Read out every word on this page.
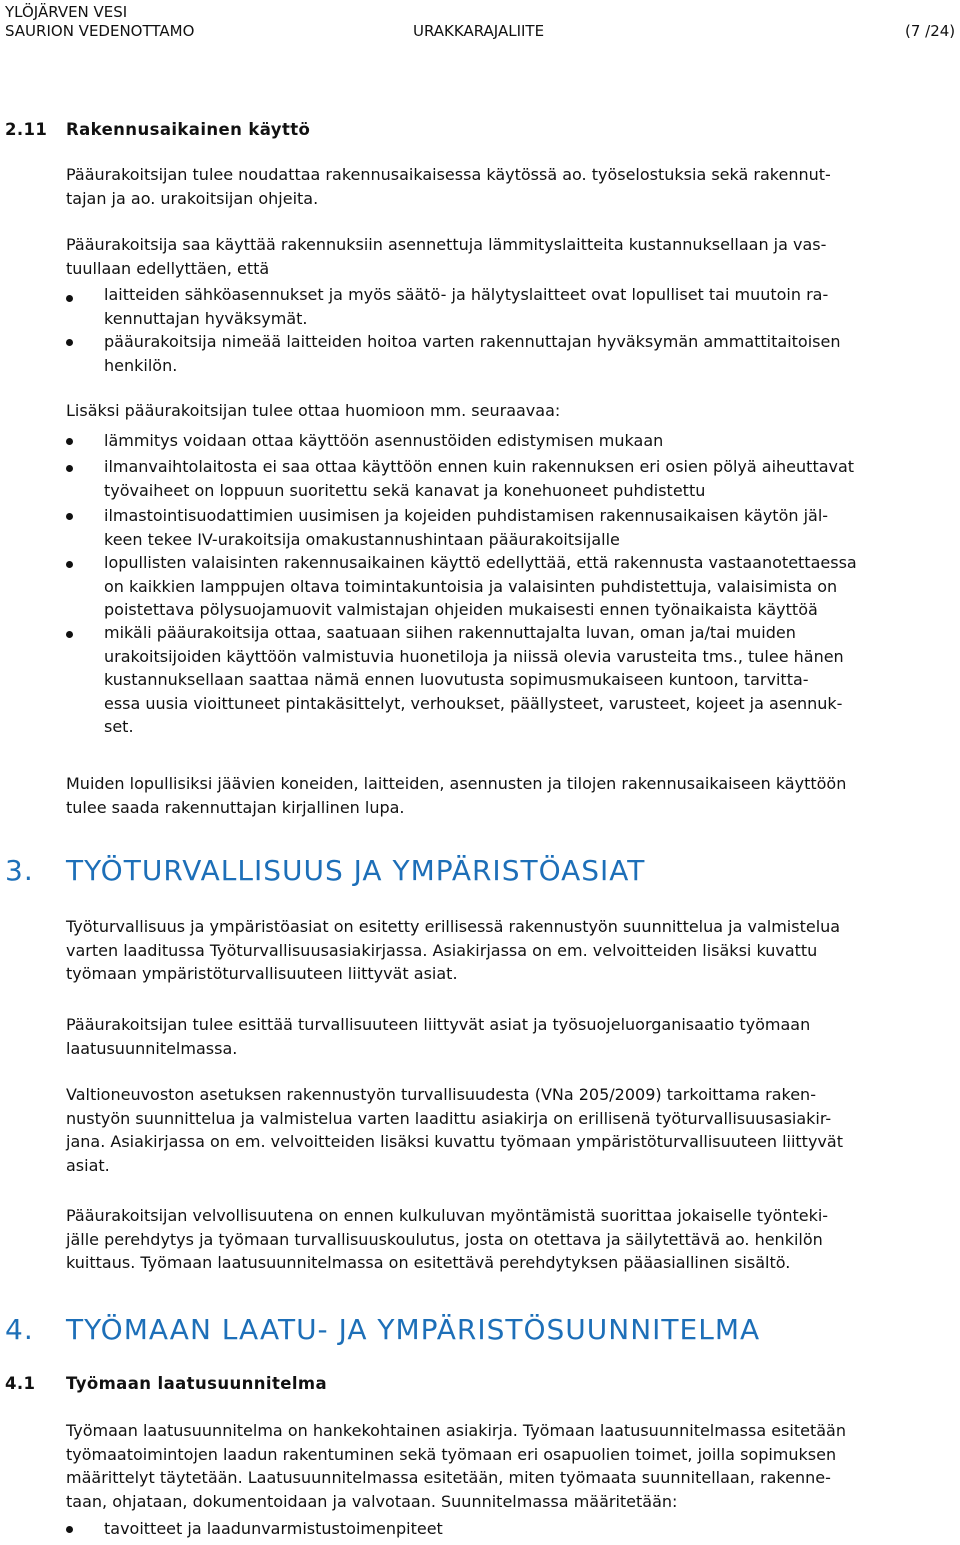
YLÖJÄRVEN VESI
SAURION VEDENOTTAMO	URAKKARAJALIITE	(7 /24)
2.11 Rakennusaikainen käyttö
Pääurakoitsijan tulee noudattaa rakennusaikaisessa käytössä ao. työselostuksia sekä rakennut-
tajan ja ao. urakoitsijan ohjeita.
Pääurakoitsija saa käyttää rakennuksiin asennettuja lämmityslaitteita kustannuksellaan ja vas-
tuullaan edellyttäen, että
laitteiden sähköasennukset ja myös säätö- ja hälytyslaitteet ovat lopulliset tai muutoin ra-
kennuttajan hyväksymät.
pääurakoitsija nimeää laitteiden hoitoa varten rakennuttajan hyväksymän ammattitaitoisen
henkilön.
Lisäksi pääurakoitsijan tulee ottaa huomioon mm. seuraavaa:
lämmitys voidaan ottaa käyttöön asennustöiden edistymisen mukaan
ilmanvaihtolaitosta ei saa ottaa käyttöön ennen kuin rakennuksen eri osien pölyä aiheuttavat
työvaiheet on loppuun suoritettu sekä kanavat ja konehuoneet puhdistettu
ilmastointisuodattimien uusimisen ja kojeiden puhdistamisen rakennusaikaisen käytön jäl-
keen tekee IV-urakoitsija omakustannushintaan pääurakoitsijalle
lopullisten valaisinten rakennusaikainen käyttö edellyttää, että rakennusta vastaanotettaessa
on kaikkien lamppujen oltava toimintakuntoisia ja valaisinten puhdistettuja, valaisimista on
poistettava pölysuojamuovit valmistajan ohjeiden mukaisesti ennen työnaikaista käyttöä
mikäli pääurakoitsija ottaa, saatuaan siihen rakennuttajalta luvan, oman ja/tai muiden
urakoitsijoiden käyttöön valmistuvia huonetiloja ja niissä olevia varusteita tms., tulee hänen
kustannuksellaan saattaa nämä ennen luovutusta sopimusmukaiseen kuntoon, tarvitta-
essa uusia vioittuneet pintakäsittelyt, verhoukset, päällysteet, varusteet, kojeet ja asennuk-
set.
Muiden lopullisiksi jäävien koneiden, laitteiden, asennusten ja tilojen rakennusaikaiseen käyttöön
tulee saada rakennuttajan kirjallinen lupa.
3. TYÖTURVALLISUUS JA YMPÄRISTÖASIAT
Työturvallisuus ja ympäristöasiat on esitetty erillisessä rakennustyön suunnittelua ja valmistelua
varten laaditussa Työturvallisuusasiakirjassa. Asiakirjassa on em. velvoitteiden lisäksi kuvattu
työmaan ympäristöturvallisuuteen liittyvät asiat.
Pääurakoitsijan tulee esittää turvallisuuteen liittyvät asiat ja työsuojeluorganisaatio työmaan
laatusuunnitelmassa.
Valtioneuvoston asetuksen rakennustyön turvallisuudesta (VNa 205/2009) tarkoittama raken-
nustyön suunnittelua ja valmistelua varten laadittu asiakirja on erillisenä työturvallisuusasiakir-
jana. Asiakirjassa on em. velvoitteiden lisäksi kuvattu työmaan ympäristöturvallisuuteen liittyvät
asiat.
Pääurakoitsijan velvollisuutena on ennen kulkuluvan myöntämistä suorittaa jokaiselle työnteki-
jälle perehdytys ja työmaan turvallisuuskoulutus, josta on otettava ja säilytettävä ao. henkilön
kuittaus. Työmaan laatusuunnitelmassa on esitettävä perehdytyksen pääasiallinen sisältö.
4. TYÖMAAN LAATU- JA YMPÄRISTÖSUUNNITELMA
4.1 Työmaan laatusuunnitelma
Työmaan laatusuunnitelma on hankekohtainen asiakirja. Työmaan laatusuunnitelmassa esitetään
työmaatoimintojen laadun rakentuminen sekä työmaan eri osapuolien toimet, joilla sopimuksen
määrittelyt täytetään. Laatusuunnitelmassa esitetään, miten työmaata suunnitellaan, rakenne-
taan, ohjataan, dokumentoidaan ja valvotaan. Suunnitelmassa määritetään:
tavoitteet ja laadunvarmistustoimenpiteet
